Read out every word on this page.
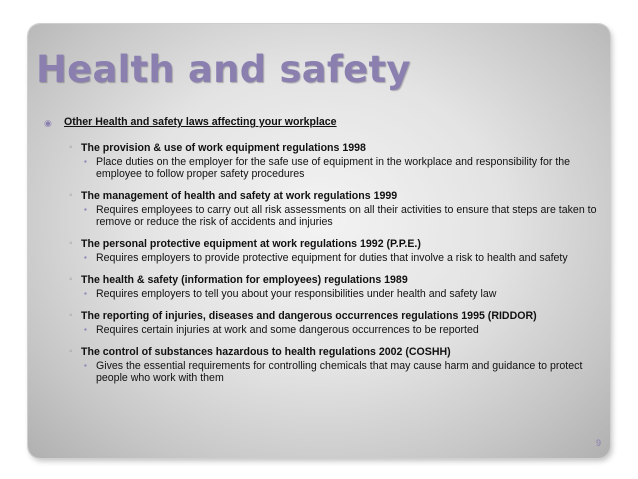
Health and safety
◉ Other Health and safety laws affecting your workplace
◦ The provision & use of work equipment regulations 1998
▪ Place duties on the employer for the safe use of equipment in the workplace and responsibility for the employee to follow proper safety procedures
◦ The management of health and safety at work regulations 1999
▪ Requires employees to carry out all risk assessments on all their activities to ensure that steps are taken to remove or reduce the risk of accidents and injuries
◦ The personal protective equipment at work regulations 1992 (P.P.E.)
▪ Requires employers to provide protective equipment for duties that involve a risk to health and safety
◦ The health & safety (information for employees) regulations 1989
▪ Requires employers to tell you about your responsibilities under health and safety law
◦ The reporting of injuries, diseases and dangerous occurrences regulations 1995 (RIDDOR)
▪ Requires certain injuries at work and some dangerous occurrences to be reported
◦ The control of substances hazardous to health regulations 2002 (COSHH)
▪ Gives the essential requirements for controlling chemicals that may cause harm and guidance to protect people who work with them
9
